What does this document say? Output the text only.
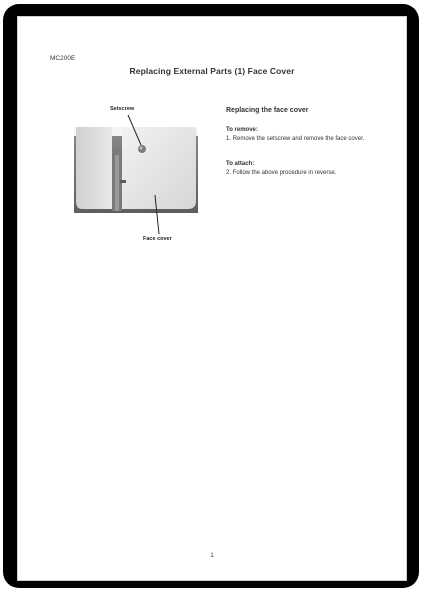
MC200E
Replacing External Parts (1) Face Cover
Setscrew
Face cover
Replacing the face cover
To remove:
1. Remove the setscrew and remove the face cover.
To attach:
2. Follow the above procedure in reverse.
1
